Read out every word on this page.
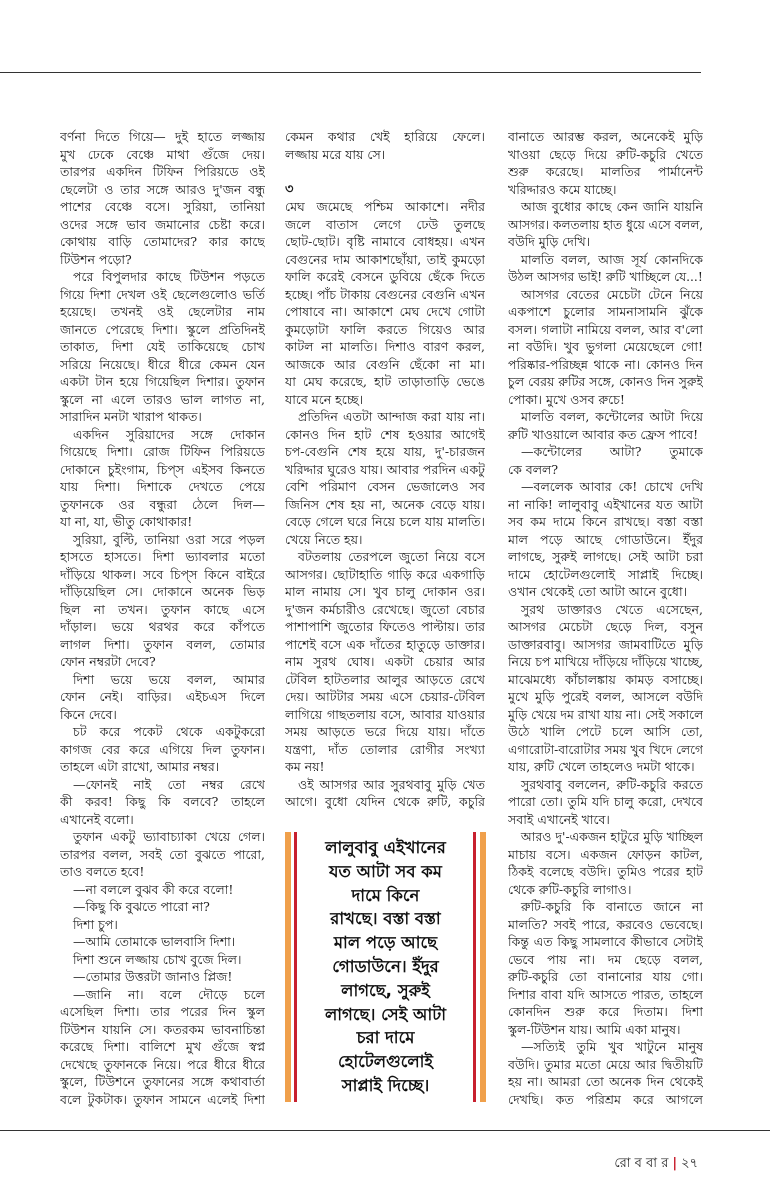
বর্ণনা দিতে গিয়ে— দুই হাতে লজ্জায়
মুখ ঢেকে বেঞ্চে মাথা গুঁজে দেয়।
তারপর একদিন টিফিন পিরিয়ডে ওই
ছেলেটা ও তার সঙ্গে আরও দু'জন বন্ধু
পাশের বেঞ্চে বসে। সুরিয়া, তানিয়া
ওদের সঙ্গে ভাব জমানোর চেষ্টা করে।
কোথায় বাড়ি তোমাদের? কার কাছে
টিউশন পড়ো?
পরে বিপুলদার কাছে টিউশন পড়তে
গিয়ে দিশা দেখল ওই ছেলেগুলোও ভর্তি
হয়েছে। তখনই ওই ছেলেটার নাম
জানতে পেরেছে দিশা। স্কুলে প্রতিদিনই
তাকাত, দিশা যেই তাকিয়েছে চোখ
সরিয়ে নিয়েছে। ধীরে ধীরে কেমন যেন
একটা টান হয়ে গিয়েছিল দিশার। তুফান
স্কুলে না এলে তারও ভাল লাগত না,
সারাদিন মনটা খারাপ থাকত।
একদিন সুরিয়াদের সঙ্গে দোকান
গিয়েছে দিশা। রোজ টিফিন পিরিয়ডে
দোকানে চুইংগাম, চিপ্‌স এইসব কিনতে
যায় দিশা। দিশাকে দেখতে পেয়ে
তুফানকে ওর বন্ধুরা ঠেলে দিল—
যা না, যা, ভীতু কোথাকার!
সুরিয়া, বুল্টি, তানিয়া ওরা সরে পড়ল
হাসতে হাসতে। দিশা ভ্যাবলার মতো
দাঁড়িয়ে থাকল। সবে চিপ্‌স কিনে বাইরে
দাঁড়িয়েছিল সে। দোকানে অনেক ভিড়
ছিল না তখন। তুফান কাছে এসে
দাঁড়াল। ভয়ে থরথর করে কাঁপতে
লাগল দিশা। তুফান বলল, তোমার
ফোন নম্বরটা দেবে?
দিশা ভয়ে ভয়ে বলল, আমার
ফোন নেই। বাড়ির। এইচএস দিলে
কিনে দেবে।
চট করে পকেট থেকে একটুকরো
কাগজ বের করে এগিয়ে দিল তুফান।
তাহলে এটা রাখো, আমার নম্বর।
—ফোনই নাই তো নম্বর রেখে
কী করব! কিছু কি বলবে? তাহলে
এখানেই বলো।
তুফান একটু ভ্যাবাচ্যাকা খেয়ে গেল।
তারপর বলল, সবই তো বুঝতে পারো,
তাও বলতে হবে!
—না বললে বুঝব কী করে বলো!
—কিছু কি বুঝতে পারো না?
দিশা চুপ।
—আমি তোমাকে ভালবাসি দিশা।
দিশা শুনে লজ্জায় চোখ বুজে দিল।
—তোমার উত্তরটা জানাও প্লিজ!
—জানি না। বলে দৌড়ে চলে
এসেছিল দিশা। তার পরের দিন স্কুল
টিউশন যায়নি সে। কতরকম ভাবনাচিন্তা
করেছে দিশা। বালিশে মুখ গুঁজে স্বপ্ন
দেখেছে তুফানকে নিয়ে। পরে ধীরে ধীরে
স্কুলে, টিউশনে তুফানের সঙ্গে কথাবার্তা
বলে টুকটাক। তুফান সামনে এলেই দিশা
কেমন কথার খেই হারিয়ে ফেলে।
লজ্জায় মরে যায় সে।
৩
মেঘ জমেছে পশ্চিম আকাশে। নদীর
জলে বাতাস লেগে ঢেউ তুলছে
ছোট-ছোট। বৃষ্টি নামাবে বোধহয়। এখন
বেগুনের দাম আকাশছোঁয়া, তাই কুমড়ো
ফালি করেই বেসনে ডুবিয়ে ছেঁকে দিতে
হচ্ছে। পাঁচ টাকায় বেগুনের বেগুনি এখন
পোষাবে না। আকাশে মেঘ দেখে গোটা
কুমড়োটা ফালি করতে গিয়েও আর
কাটল না মালতি। দিশাও বারণ করল,
আজকে আর বেগুনি ছেঁকো না মা।
যা মেঘ করেছে, হাট তাড়াতাড়ি ভেঙে
যাবে মনে হচ্ছে।
প্রতিদিন এতটা আন্দাজ করা যায় না।
কোনও দিন হাট শেষ হওয়ার আগেই
চপ-বেগুনি শেষ হয়ে যায়, দু'-চারজন
খরিদ্দার ঘুরেও যায়। আবার পরদিন একটু
বেশি পরিমাণ বেসন ভেজালেও সব
জিনিস শেষ হয় না, অনেক বেড়ে যায়।
বেড়ে গেলে ঘরে নিয়ে চলে যায় মালতি।
খেয়ে নিতে হয়।
বটতলায় তেরপলে জুতো নিয়ে বসে
আসগর। ছোটাহাতি গাড়ি করে একগাড়ি
মাল নামায় সে। খুব চালু দোকান ওর।
দু'জন কর্মচারীও রেখেছে। জুতো বেচার
পাশাপাশি জুতোর ফিতেও পাল্টায়। তার
পাশেই বসে এক দাঁতের হাতুড়ে ডাক্তার।
নাম সুরথ ঘোষ। একটা চেয়ার আর
টেবিল হাটতলার আলুর আড়তে রেখে
দেয়। আটটার সময় এসে চেয়ার-টেবিল
লাগিয়ে গাছতলায় বসে, আবার যাওয়ার
সময় আড়তে ভরে দিয়ে যায়। দাঁতে
যন্ত্রণা, দাঁত তোলার রোগীর সংখ্যা
কম নয়!
ওই আসগর আর সুরথবাবু মুড়ি খেত
আগে। বুধো যেদিন থেকে রুটি, কচুরি
বানাতে আরম্ভ করল, অনেকেই মুড়ি
খাওয়া ছেড়ে দিয়ে রুটি-কচুরি খেতে
শুরু করেছে। মালতির পার্মানেন্ট
খরিদ্দারও কমে যাচ্ছে।
আজ বুধোর কাছে কেন জানি যায়নি
আসগর। কলতলায় হাত ধুয়ে এসে বলল,
বউদি মুড়ি দেখি।
মালতি বলল, আজ সূর্য কোনদিকে
উঠল আসগর ভাই! রুটি খাচ্ছিলে যে...!
আসগর বেতের মেচেটা টেনে নিয়ে
একপাশে চুলোর সামনাসামনি ঝুঁকে
বসল। গলাটা নামিয়ে বলল, আর ব'লো
না বউদি। খুব ভুগলা মেয়েছেলে গো!
পরিষ্কার-পরিচ্ছন্ন থাকে না। কোনও দিন
চুল বেরয় রুটির সঙ্গে, কোনও দিন সুরুই
পোকা। মুখে ওসব রুচে!
মালতি বলল, কন্টোলের আটা দিয়ে
রুটি খাওয়ালে আবার কত ফ্রেস পাবে!
—কন্টোলের আটা? তুমাকে
কে বলল?
—বললেক আবার কে! চোখে দেখি
না নাকি! লালুবাবু এইখানের যত আটা
সব কম দামে কিনে রাখছে। বস্তা বস্তা
মাল পড়ে আছে গোডাউনে। ইঁদুর
লাগছে, সুরুই লাগছে। সেই আটা চরা
দামে হোটেলগুলোই সাপ্লাই দিচ্ছে।
ওখান থেকেই তো আটা আনে বুধো।
সুরথ ডাক্তারও খেতে এসেছেন,
আসগর মেচেটা ছেড়ে দিল, বসুন
ডাক্তারবাবু। আসগর জামবাটিতে মুড়ি
নিয়ে চপ মাখিয়ে দাঁড়িয়ে দাঁড়িয়ে খাচ্ছে,
মাঝেমধ্যে কাঁচালঙ্কায় কামড় বসাচ্ছে।
মুখে মুড়ি পুরেই বলল, আসলে বউদি
মুড়ি খেয়ে দম রাখা যায় না। সেই সকালে
উঠে খালি পেটে চলে আসি তো,
এগারোটা-বারোটার সময় খুব খিদে লেগে
যায়, রুটি খেলে তাহলেও দমটা থাকে।
সুরথবাবু বললেন, রুটি-কচুরি করতে
পারো তো। তুমি যদি চালু করো, দেখবে
সবাই এখানেই খাবে।
আরও দু'-একজন হাটুরে মুড়ি খাচ্ছিল
মাচায় বসে। একজন ফোড়ন কাটল,
ঠিকই বলেছে বউদি। তুমিও পরের হাট
থেকে রুটি-কচুরি লাগাও।
রুটি-কচুরি কি বানাতে জানে না
মালতি? সবই পারে, করবেও ভেবেছে।
কিন্তু এত কিছু সামলাবে কীভাবে সেটাই
ভেবে পায় না। দম ছেড়ে বলল,
রুটি-কচুরি তো বানানোর যায় গো।
দিশার বাবা যদি আসতে পারত, তাহলে
কোনদিন শুরু করে দিতাম। দিশা
স্কুল-টিউশন যায়। আমি একা মানুষ।
—সত্যিই তুমি খুব খাটুনে মানুষ
বউদি। তুমার মতো মেয়ে আর দ্বিতীয়টি
হয় না। আমরা তো অনেক দিন থেকেই
দেখছি। কত পরিশ্রম করে আগলে
লালুবাবু এইখানের
যত আটা সব কম
দামে কিনে
রাখছে। বস্তা বস্তা
মাল পড়ে আছে
গোডাউনে। ইঁদুর
লাগছে, সুরুই
লাগছে। সেই আটা
চরা দামে
হোটেলগুলোই
সাপ্লাই দিচ্ছে।
রো ব বা র | ২৭
